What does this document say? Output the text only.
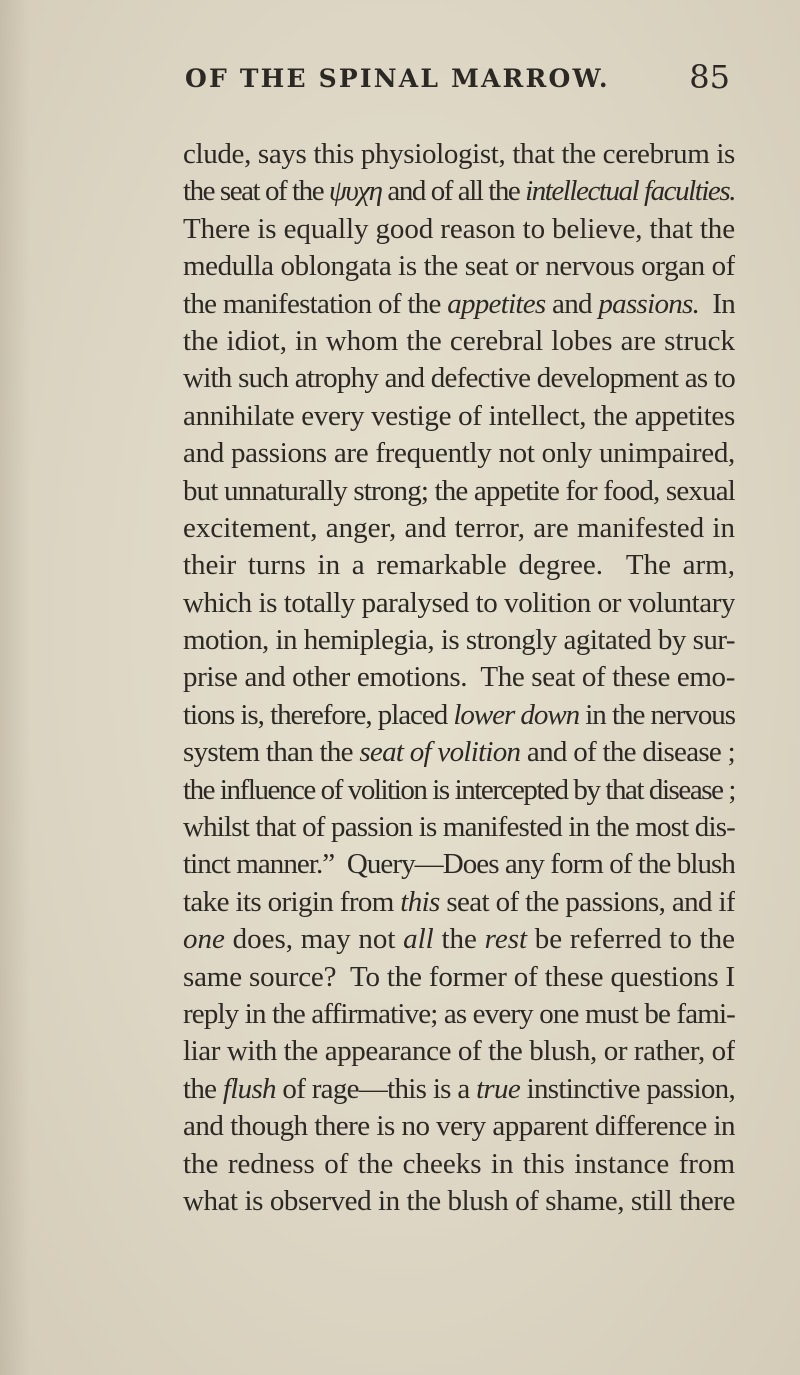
OF THE SPINAL MARROW. 85
clude, says this physiologist, that the cerebrum is
the seat of the ψυχη and of all the intellectual faculties.
There is equally good reason to believe, that the
medulla oblongata is the seat or nervous organ of
the manifestation of the appetites and passions.  In
the idiot, in whom the cerebral lobes are struck
with such atrophy and defective development as to
annihilate every vestige of intellect, the appetites
and passions are frequently not only unimpaired,
but unnaturally strong; the appetite for food, sexual
excitement, anger, and terror, are manifested in
their turns in a remarkable degree.  The arm,
which is totally paralysed to volition or voluntary
motion, in hemiplegia, is strongly agitated by sur-
prise and other emotions.  The seat of these emo-
tions is, therefore, placed lower down in the nervous
system than the seat of volition and of the disease ;
the influence of volition is intercepted by that disease ;
whilst that of passion is manifested in the most dis-
tinct manner.”  Query—Does any form of the blush
take its origin from this seat of the passions, and if
one does, may not all the rest be referred to the
same source?  To the former of these questions I
reply in the affirmative; as every one must be fami-
liar with the appearance of the blush, or rather, of
the flush of rage—this is a true instinctive passion,
and though there is no very apparent difference in
the redness of the cheeks in this instance from
what is observed in the blush of shame, still there
